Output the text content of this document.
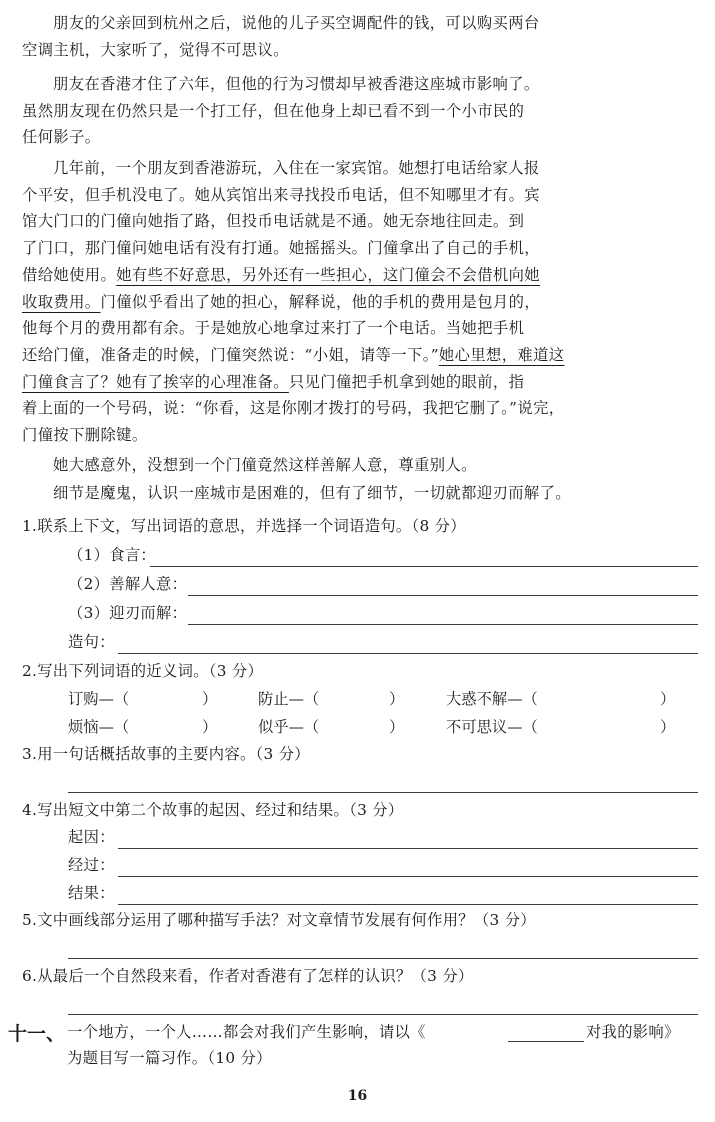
朋友的父亲回到杭州之后，说他的儿子买空调配件的钱，可以购买两台
空调主机，大家听了，觉得不可思议。
朋友在香港才住了六年，但他的行为习惯却早被香港这座城市影响了。
虽然朋友现在仍然只是一个打工仔，但在他身上却已看不到一个小市民的
任何影子。
几年前，一个朋友到香港游玩，入住在一家宾馆。她想打电话给家人报
个平安，但手机没电了。她从宾馆出来寻找投币电话，但不知哪里才有。宾
馆大门口的门僮向她指了路，但投币电话就是不通。她无奈地往回走。到
了门口，那门僮问她电话有没有打通。她摇摇头。门僮拿出了自己的手机，
借给她使用。她有些不好意思，另外还有一些担心，这门僮会不会借机向她
收取费用。门僮似乎看出了她的担心，解释说，他的手机的费用是包月的，
他每个月的费用都有余。于是她放心地拿过来打了一个电话。当她把手机
还给门僮，准备走的时候，门僮突然说：“小姐，请等一下。”她心里想，难道这
门僮食言了？她有了挨宰的心理准备。只见门僮把手机拿到她的眼前，指
着上面的一个号码，说：“你看，这是你刚才拨打的号码，我把它删了。”说完，
门僮按下删除键。
她大感意外，没想到一个门僮竟然这样善解人意，尊重别人。
细节是魔鬼，认识一座城市是困难的，但有了细节，一切就都迎刃而解了。
1.联系上下文，写出词语的意思，并选择一个词语造句。（8 分）
（1）食言：
（2）善解人意：
（3）迎刃而解：
造句：
2.写出下列词语的近义词。（3 分）
订购—（	）	防止—（	）	大惑不解—（	）
烦恼—（	）	似乎—（	）	不可思议—（	）
3.用一句话概括故事的主要内容。（3 分）
4.写出短文中第二个故事的起因、经过和结果。（3 分）
起因：
经过：
结果：
5.文中画线部分运用了哪种描写手法？对文章情节发展有何作用？（3 分）
6.从最后一个自然段来看，作者对香港有了怎样的认识？（3 分）
十一、 一个地方，一个人……都会对我们产生影响，请以《	对我的影响》
为题目写一篇习作。（10 分）
16
